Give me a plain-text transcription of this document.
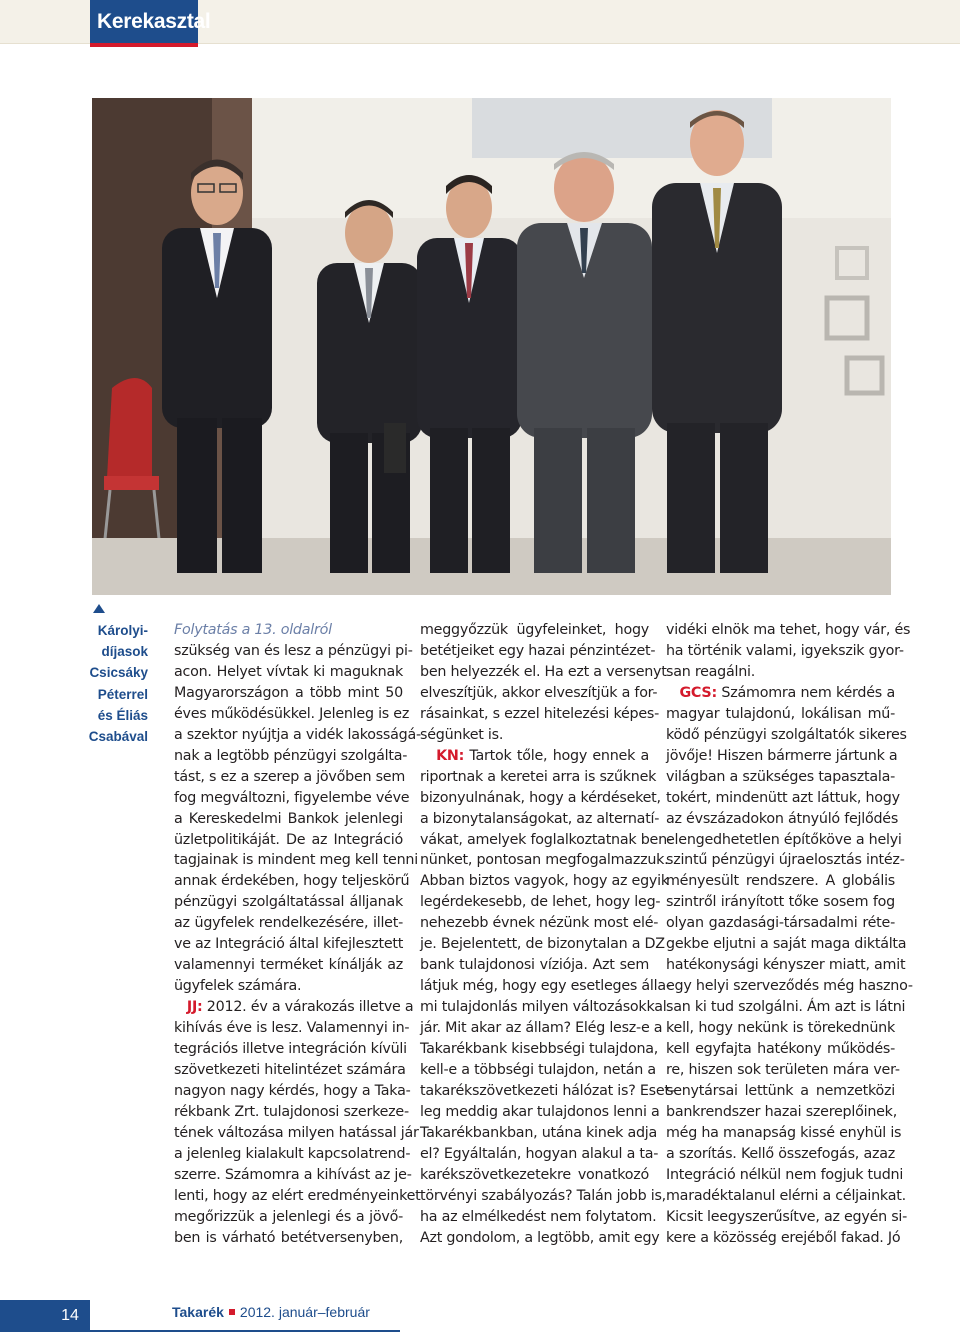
Kerekasztal
Károlyi-
díjasok
Csicsáky
Péterrel
és Éliás
Csabával
Folytatás a 13. oldalról
szükség van és lesz a pénzügyi pi-
acon. Helyet vívtak ki maguknak
Magyarországon a több mint 50
éves működésükkel. Jelenleg is ez
a szektor nyújtja a vidék lakosságá-
nak a legtöbb pénzügyi szolgálta-
tást, s ez a szerep a jövőben sem
fog megváltozni, figyelembe véve
a Kereskedelmi Bankok jelenlegi
üzletpolitikáját. De az Integráció
tagjainak is mindent meg kell tenni
annak érdekében, hogy teljeskörű
pénzügyi szolgáltatással álljanak
az ügyfelek rendelkezésére, illet-
ve az Integráció által kifejlesztett
valamennyi terméket kínálják az
ügyfelek számára.
JJ: 2012. év a várakozás illetve a
kihívás éve is lesz. Valamennyi in-
tegrációs illetve integráción kívüli
szövetkezeti hitelintézet számára
nagyon nagy kérdés, hogy a Taka-
rékbank Zrt. tulajdonosi szerkeze-
tének változása milyen hatással jár
a jelenleg kialakult kapcsolatrend-
szerre. Számomra a kihívást az je-
lenti, hogy az elért eredményeinket
megőrizzük a jelenlegi és a jövő-
ben is várható betétversenyben,
meggyőzzük ügyfeleinket, hogy
betétjeiket egy hazai pénzintézet-
ben helyezzék el. Ha ezt a versenyt
elveszítjük, akkor elveszítjük a for-
rásainkat, s ezzel hitelezési képes-
ségünket is.
KN: Tartok tőle, hogy ennek a
riportnak a keretei arra is szűknek
bizonyulnának, hogy a kérdéseket,
a bizonytalanságokat, az alternatí-
vákat, amelyek foglalkoztatnak ben-
nünket, pontosan megfogalmazzuk.
Abban biztos vagyok, hogy az egyik
legérdekesebb, de lehet, hogy leg-
nehezebb évnek nézünk most elé-
je. Bejelentett, de bizonytalan a DZ
bank tulajdonosi víziója. Azt sem
látjuk még, hogy egy esetleges álla-
mi tulajdonlás milyen változásokkal
jár. Mit akar az állam? Elég lesz-e a
Takarékbank kisebbségi tulajdona,
kell-e a többségi tulajdon, netán a
takarékszövetkezeti hálózat is? Eset-
leg meddig akar tulajdonos lenni a
Takarékbankban, utána kinek adja
el? Egyáltalán, hogyan alakul a ta-
karékszövetkezetekre vonatkozó
törvényi szabályozás? Talán jobb is,
ha az elmélkedést nem folytatom.
Azt gondolom, a legtöbb, amit egy
vidéki elnök ma tehet, hogy vár, és
ha történik valami, igyekszik gyor-
san reagálni.
GCS: Számomra nem kérdés a
magyar tulajdonú, lokálisan mű-
ködő pénzügyi szolgáltatók sikeres
jövője! Hiszen bármerre jártunk a
világban a szükséges tapasztala-
tokért, mindenütt azt láttuk, hogy
az évszázadokon átnyúló fejlődés
elengedhetetlen építőköve a helyi
szintű pénzügyi újraelosztás intéz-
ményesült rendszere. A globális
szintről irányított tőke sosem fog
olyan gazdasági-társadalmi réte-
gekbe eljutni a saját maga diktálta
hatékonysági kényszer miatt, amit
egy helyi szerveződés még haszno-
san ki tud szolgálni. Ám azt is látni
kell, hogy nekünk is törekednünk
kell egyfajta hatékony működés-
re, hiszen sok területen mára ver-
senytársai lettünk a nemzetközi
bankrendszer hazai szereplőinek,
még ha manapság kissé enyhül is
a szorítás. Kellő összefogás, azaz
Integráció nélkül nem fogjuk tudni
maradéktalanul elérni a céljainkat.
Kicsit leegyszerűsítve, az egyén si-
kere a közösség erejéből fakad. Jó
14	Takarék 2012. január–február
